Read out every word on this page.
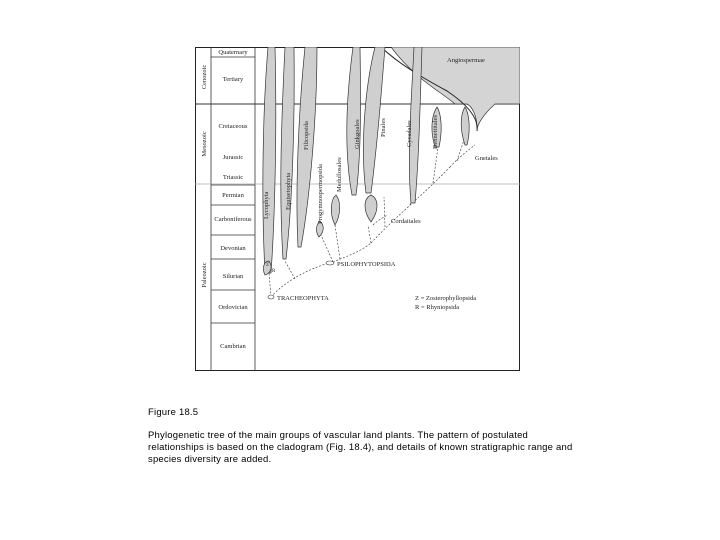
Cenozoic
Mesozoic
Paleozoic
Quaternary
Tertiary
Cretaceous
Jurassic
Triassic
Permian
Carboniferous
Devonian
Silurian
Ordovician
Cambrian
Angiospermae
Lycophyta Equisetophyta
Filicopsida
Progymnospermopsida Medullosales
Ginkgoales	Pinales	Cycadales	Bennettitales
Gnetales
Cordaitales
PSILOPHYTOPSIDA
TRACHEOPHYTA
Z
R
Z = Zosterophyllopsida
R = Rhyniopsida
Figure 18.5
Phylogenetic tree of the main groups of vascular land plants. The pattern of postulated relationships is based on the cladogram (Fig. 18.4), and details of known stratigraphic range and species diversity are added.
